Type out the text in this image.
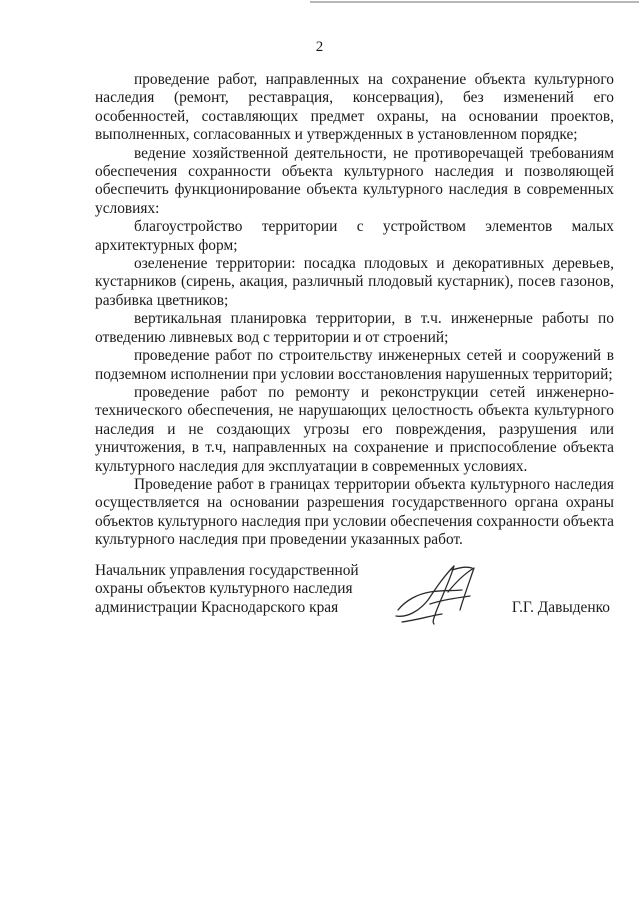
2

проведение работ, направленных на сохранение объекта культурного наследия (ремонт, реставрация, консервация), без изменений его особенностей, составляющих предмет охраны, на основании проектов, выполненных, согласованных и утвержденных в установленном порядке;

ведение хозяйственной деятельности, не противоречащей требованиям обеспечения сохранности объекта культурного наследия и позволяющей обеспечить функционирование объекта культурного наследия в современных условиях:

благоустройство территории с устройством элементов малых архитектурных форм;

озеленение территории: посадка плодовых и декоративных деревьев, кустарников (сирень, акация, различный плодовый кустарник), посев газонов, разбивка цветников;

вертикальная планировка территории, в т.ч. инженерные работы по отведению ливневых вод с территории и от строений;

проведение работ по строительству инженерных сетей и сооружений в подземном исполнении при условии восстановления нарушенных территорий;

проведение работ по ремонту и реконструкции сетей инженерно-технического обеспечения, не нарушающих целостность объекта культурного наследия и не создающих угрозы его повреждения, разрушения или уничтожения, в т.ч, направленных на сохранение и приспособление объекта культурного наследия для эксплуатации в современных условиях.

Проведение работ в границах территории объекта культурного наследия осуществляется на основании разрешения государственного органа охраны объектов культурного наследия при условии обеспечения сохранности объекта культурного наследия при проведении указанных работ.

Начальник управления государственной
охраны объектов культурного наследия
администрации Краснодарского края	Г.Г. Давыденко
